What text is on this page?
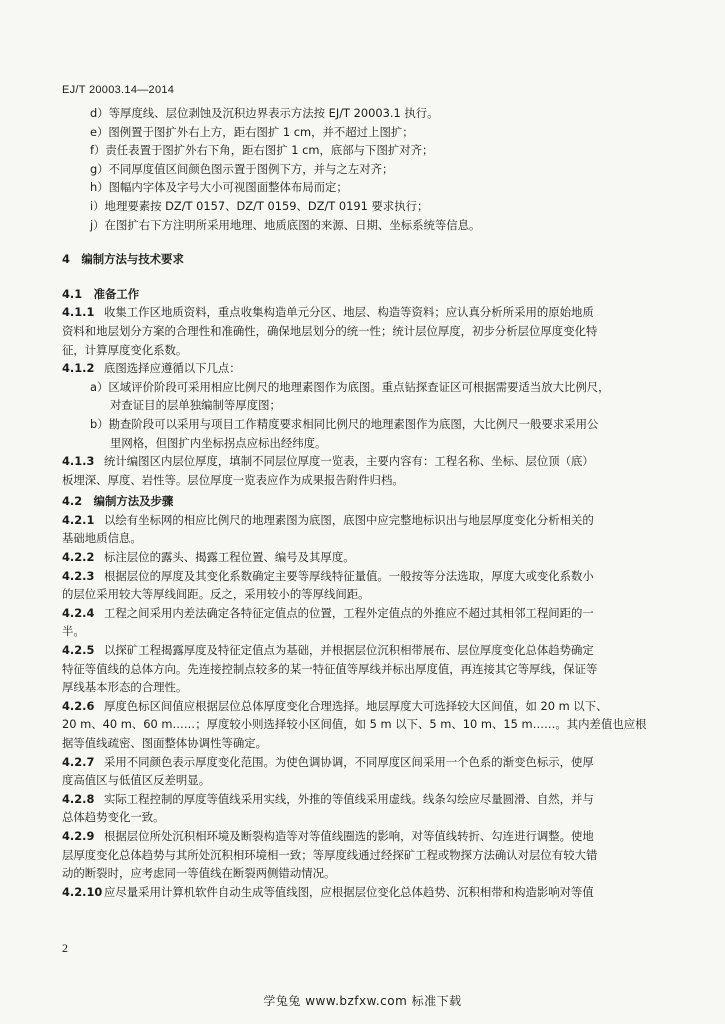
EJ/T 20003.14—2014
d）等厚度线、层位剥蚀及沉积边界表示方法按 EJ/T 20003.1 执行。
e）图例置于图扩外右上方，距右图扩 1 cm，并不超过上图扩；
f）责任表置于图扩外右下角，距右图扩 1 cm，底部与下图扩对齐；
g）不同厚度值区间颜色图示置于图例下方，并与之左对齐；
h）图幅内字体及字号大小可视图面整体布局而定；
i）地理要素按 DZ/T 0157、DZ/T 0159、DZ/T 0191 要求执行；
j）在图扩右下方注明所采用地理、地质底图的来源、日期、坐标系统等信息。
4　编制方法与技术要求
4.1　准备工作
4.1.1 收集工作区地质资料，重点收集构造单元分区、地层、构造等资料；应认真分析所采用的原始地质
资料和地层划分方案的合理性和准确性，确保地层划分的统一性；统计层位厚度，初步分析层位厚度变化特
征，计算厚度变化系数。
4.1.2 底图选择应遵循以下几点：
a）区域评价阶段可采用相应比例尺的地理素图作为底图。重点钻探查证区可根据需要适当放大比例尺，
对查证目的层单独编制等厚度图；
b）勘查阶段可以采用与项目工作精度要求相同比例尺的地理素图作为底图，大比例尺一般要求采用公
里网格，但图扩内坐标拐点应标出经纬度。
4.1.3 统计编图区内层位厚度，填制不同层位厚度一览表，主要内容有：工程名称、坐标、层位顶（底）
板埋深、厚度、岩性等。层位厚度一览表应作为成果报告附件归档。
4.2　编制方法及步骤
4.2.1 以绘有坐标网的相应比例尺的地理素图为底图，底图中应完整地标识出与地层厚度变化分析相关的
基础地质信息。
4.2.2 标注层位的露头、揭露工程位置、编号及其厚度。
4.2.3 根据层位的厚度及其变化系数确定主要等厚线特征量值。一般按等分法选取，厚度大或变化系数小
的层位采用较大等厚线间距。反之，采用较小的等厚线间距。
4.2.4 工程之间采用内差法确定各特征定值点的位置，工程外定值点的外推应不超过其相邻工程间距的一
半。
4.2.5 以探矿工程揭露厚度及特征定值点为基础，并根据层位沉积相带展布、层位厚度变化总体趋势确定
特征等值线的总体方向。先连接控制点较多的某一特征值等厚线并标出厚度值，再连接其它等厚线，保证等
厚线基本形态的合理性。
4.2.6 厚度色标区间值应根据层位总体厚度变化合理选择。地层厚度大可选择较大区间值，如 20 m 以下、
20 m、40 m、60 m……；厚度较小则选择较小区间值，如 5 m 以下、5 m、10 m、15 m……。其内差值也应根
据等值线疏密、图面整体协调性等确定。
4.2.7 采用不同颜色表示厚度变化范围。为使色调协调，不同厚度区间采用一个色系的渐变色标示，使厚
度高值区与低值区反差明显。
4.2.8 实际工程控制的厚度等值线采用实线，外推的等值线采用虚线。线条勾绘应尽量圆滑、自然，并与
总体趋势变化一致。
4.2.9 根据层位所处沉积相环境及断裂构造等对等值线圈选的影响，对等值线转折、勾连进行调整。使地
层厚度变化总体趋势与其所处沉积相环境相一致；等厚度线通过经探矿工程或物探方法确认对层位有较大错
动的断裂时，应考虑同一等值线在断裂两侧错动情况。
4.2.10 应尽量采用计算机软件自动生成等值线图，应根据层位变化总体趋势、沉积相带和构造影响对等值
2
学兔兔 www.bzfxw.com 标准下载
